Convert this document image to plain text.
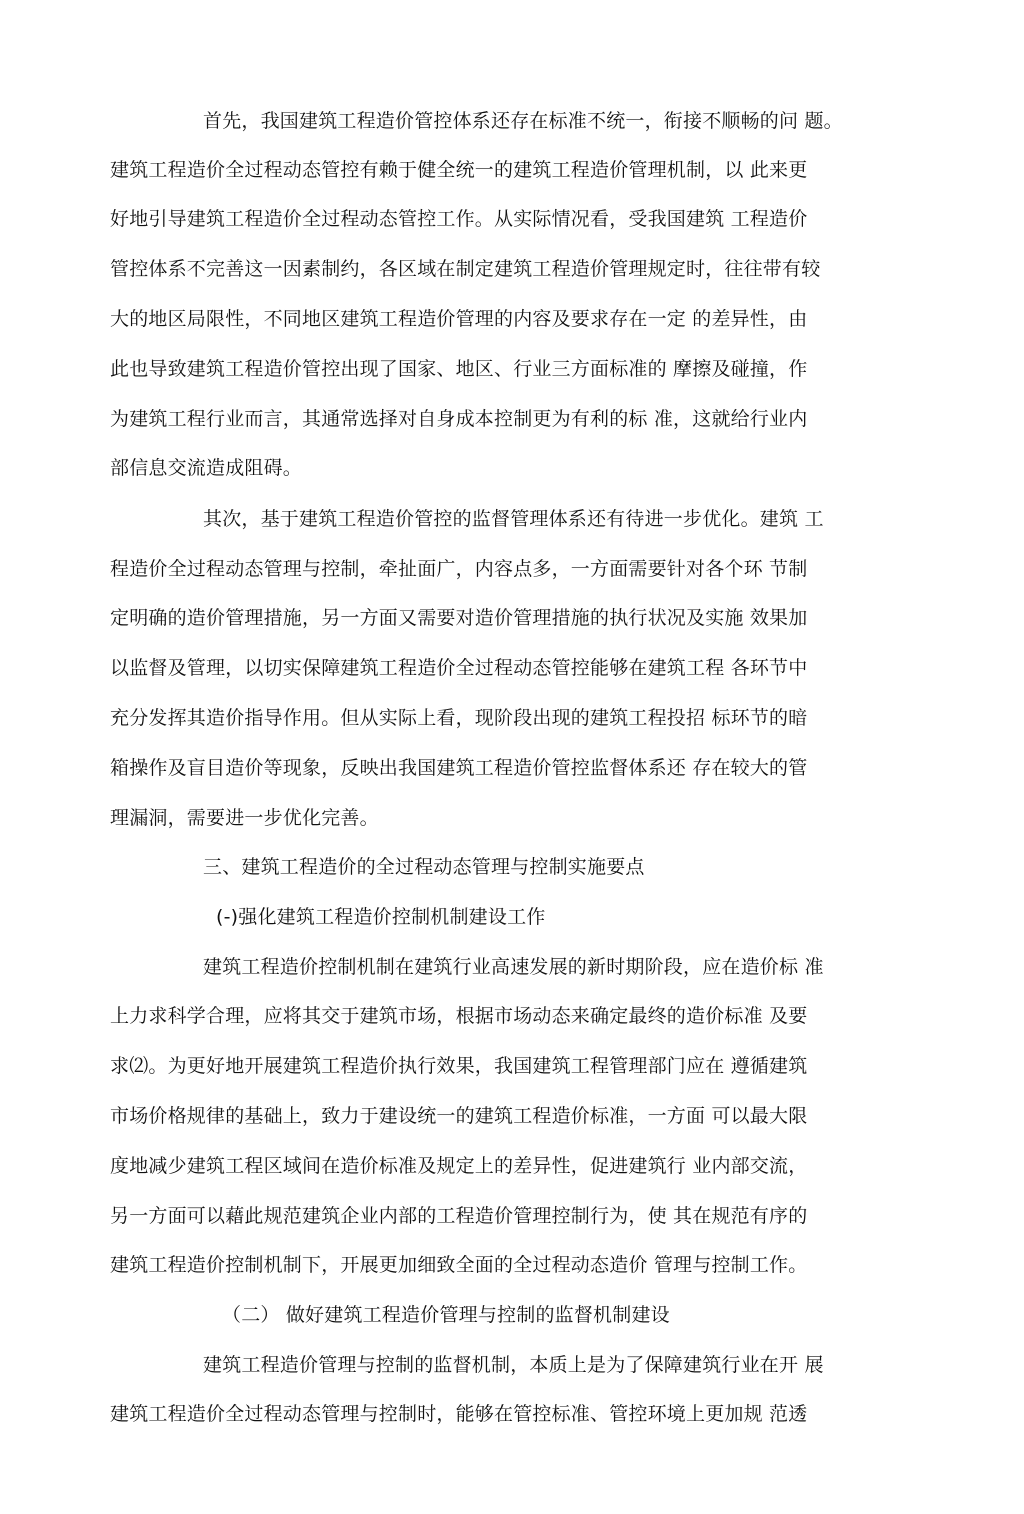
首先，我国建筑工程造价管控体系还存在标准不统一，衔接不顺畅的问 题。
建筑工程造价全过程动态管控有赖于健全统一的建筑工程造价管理机制，以 此来更
好地引导建筑工程造价全过程动态管控工作。从实际情况看，受我国建筑 工程造价
管控体系不完善这一因素制约，各区域在制定建筑工程造价管理规定时，往往带有较
大的地区局限性，不同地区建筑工程造价管理的内容及要求存在一定 的差异性，由
此也导致建筑工程造价管控出现了国家、地区、行业三方面标准的 摩擦及碰撞，作
为建筑工程行业而言，其通常选择对自身成本控制更为有利的标 准，这就给行业内
部信息交流造成阻碍。
其次，基于建筑工程造价管控的监督管理体系还有待进一步优化。建筑 工
程造价全过程动态管理与控制，牵扯面广，内容点多，一方面需要针对各个环 节制
定明确的造价管理措施，另一方面又需要对造价管理措施的执行状况及实施 效果加
以监督及管理，以切实保障建筑工程造价全过程动态管控能够在建筑工程 各环节中
充分发挥其造价指导作用。但从实际上看，现阶段出现的建筑工程投招 标环节的暗
箱操作及盲目造价等现象，反映出我国建筑工程造价管控监督体系还 存在较大的管
理漏洞，需要进一步优化完善。
三、建筑工程造价的全过程动态管理与控制实施要点
(-)强化建筑工程造价控制机制建设工作
建筑工程造价控制机制在建筑行业高速发展的新时期阶段，应在造价标 准
上力求科学合理，应将其交于建筑市场，根据市场动态来确定最终的造价标准 及要
求⑵。为更好地开展建筑工程造价执行效果，我国建筑工程管理部门应在 遵循建筑
市场价格规律的基础上，致力于建设统一的建筑工程造价标准，一方面 可以最大限
度地减少建筑工程区域间在造价标准及规定上的差异性，促进建筑行 业内部交流，
另一方面可以藉此规范建筑企业内部的工程造价管理控制行为，使 其在规范有序的
建筑工程造价控制机制下，开展更加细致全面的全过程动态造价 管理与控制工作。
（二） 做好建筑工程造价管理与控制的监督机制建设
建筑工程造价管理与控制的监督机制，本质上是为了保障建筑行业在开 展
建筑工程造价全过程动态管理与控制时，能够在管控标准、管控环境上更加规 范透
